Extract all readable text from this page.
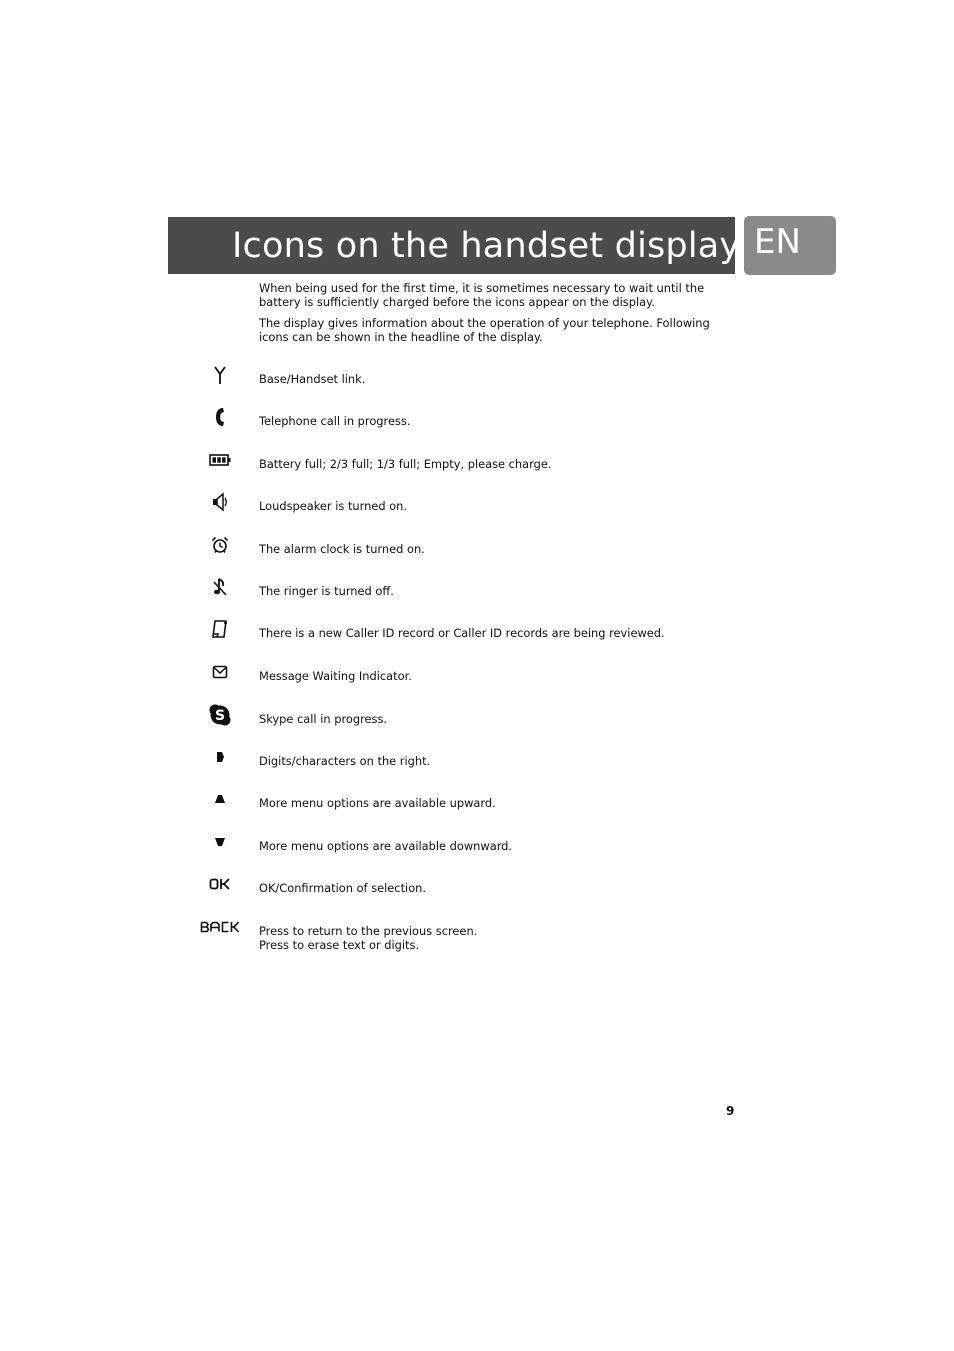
Icons on the handset display EN

When being used for the first time, it is sometimes necessary to wait until the battery is sufficiently charged before the icons appear on the display.

The display gives information about the operation of your telephone. Following icons can be shown in the headline of the display.

Base/Handset link.
Telephone call in progress.
Battery full; 2/3 full; 1/3 full; Empty, please charge.
Loudspeaker is turned on.
The alarm clock is turned on.
The ringer is turned off.
There is a new Caller ID record or Caller ID records are being reviewed.
Message Waiting Indicator.
S	Skype call in progress.
Digits/characters on the right.
More menu options are available upward.
More menu options are available downward.
OK/Confirmation of selection.
Press to return to the previous screen.
Press to erase text or digits.
9
